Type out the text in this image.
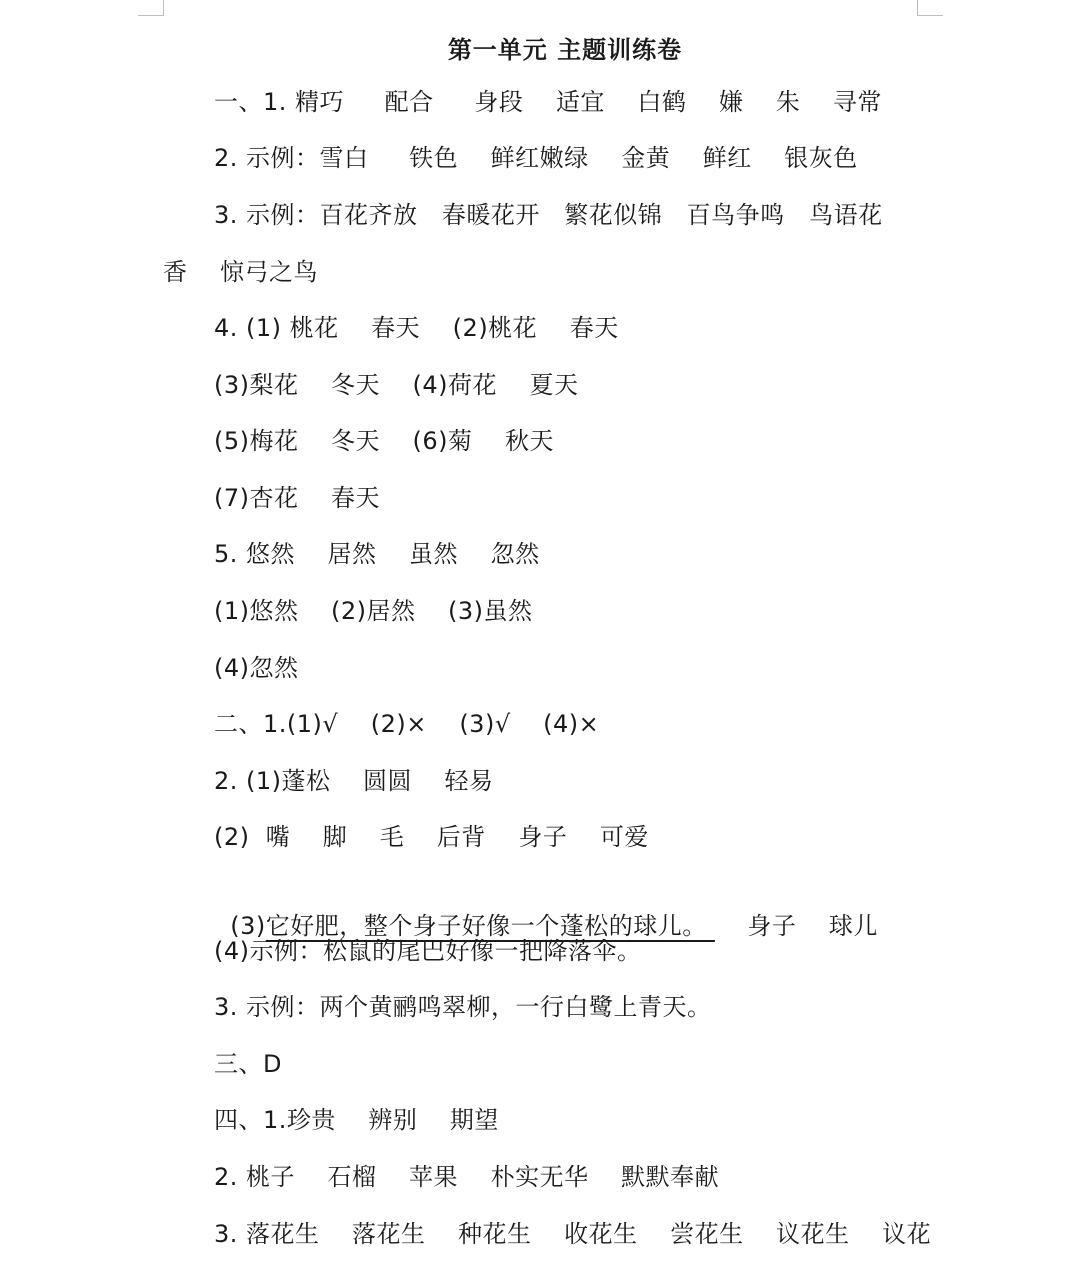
第一单元 主题训练卷
一、1. 精巧     配合     身段    适宜    白鹤    嫌    朱    寻常
2. 示例：雪白     铁色    鲜红嫩绿    金黄    鲜红    银灰色
3. 示例：百花齐放   春暖花开   繁花似锦   百鸟争鸣   鸟语花
香    惊弓之鸟
4. (1) 桃花    春天    (2)桃花    春天
(3)梨花    冬天    (4)荷花    夏天
(5)梅花    冬天    (6)菊    秋天
(7)杏花    春天
5. 悠然    居然    虽然    忽然
(1)悠然    (2)居然    (3)虽然
(4)忽然
二、1.(1)√    (2)×    (3)√    (4)×
2. (1)蓬松    圆圆    轻易
(2)  嘴    脚    毛    后背    身子    可爱

(3)它好肥，整个身子好像一个蓬松的球儿。     身子    球儿

(4)示例：松鼠的尾巴好像一把降落伞。
3. 示例：两个黄鹂鸣翠柳，一行白鹭上青天。
三、D
四、1.珍贵    辨别    期望
2. 桃子    石榴    苹果    朴实无华    默默奉献
3. 落花生    落花生    种花生    收花生    尝花生    议花生    议花
